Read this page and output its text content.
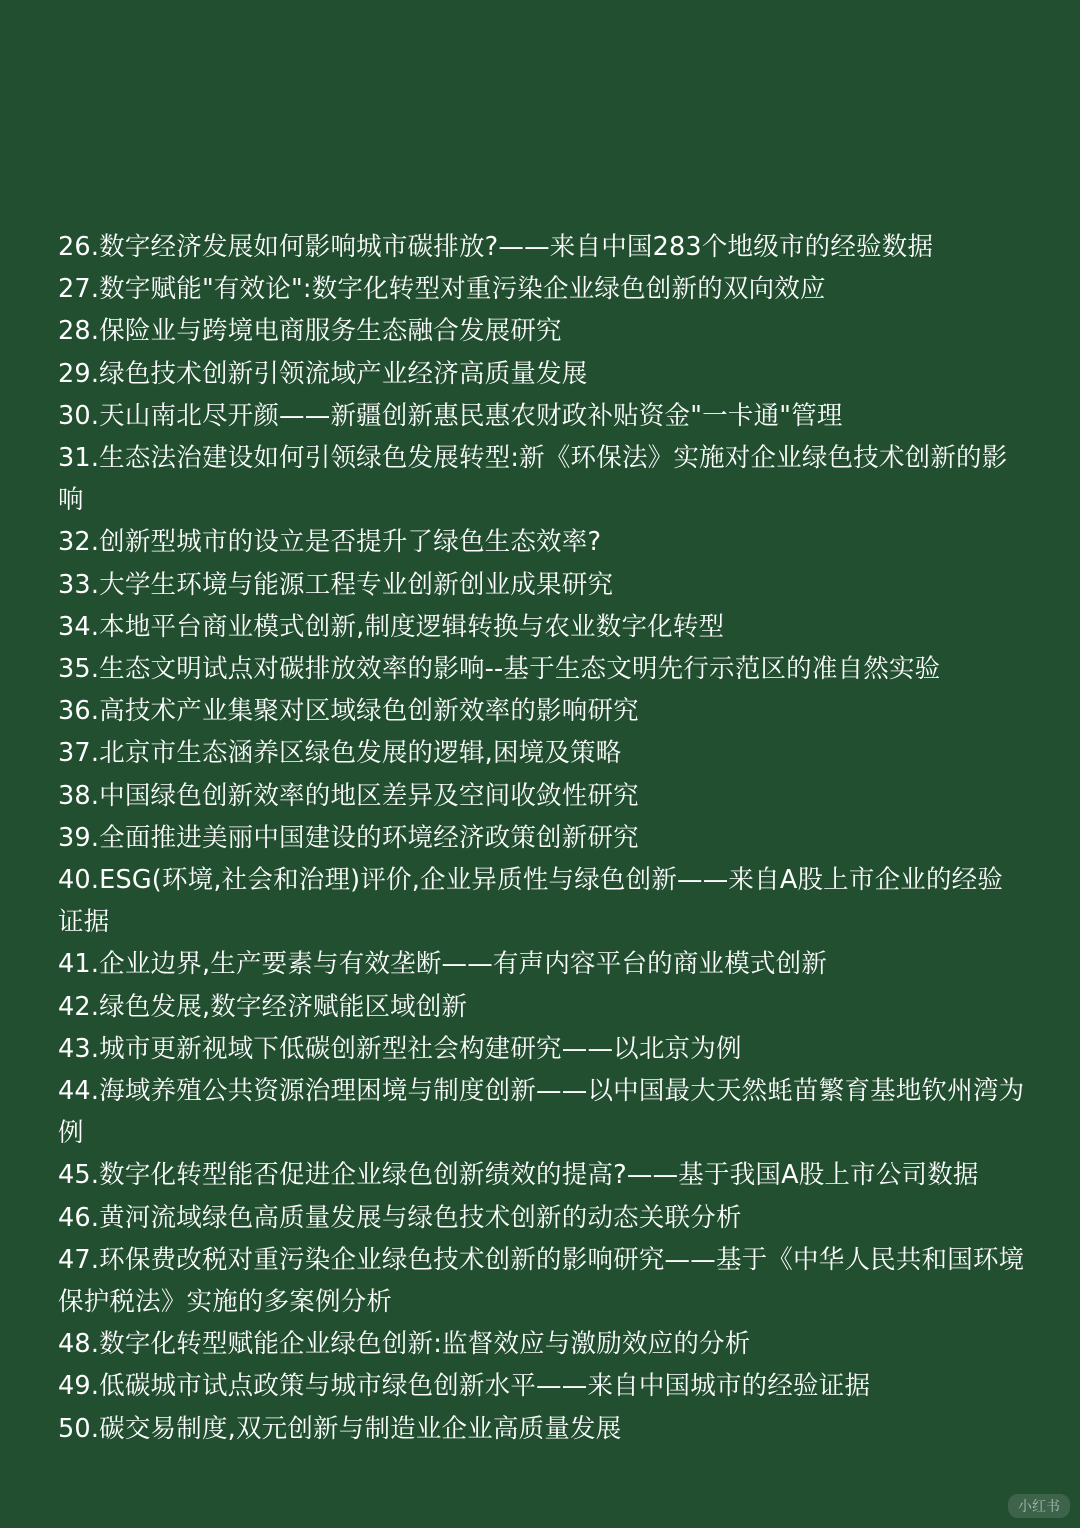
26.数字经济发展如何影响城市碳排放?——来自中国283个地级市的经验数据
27.数字赋能"有效论":数字化转型对重污染企业绿色创新的双向效应
28.保险业与跨境电商服务生态融合发展研究
29.绿色技术创新引领流域产业经济高质量发展
30.天山南北尽开颜——新疆创新惠民惠农财政补贴资金"一卡通"管理
31.生态法治建设如何引领绿色发展转型:新《环保法》实施对企业绿色技术创新的影响
32.创新型城市的设立是否提升了绿色生态效率?
33.大学生环境与能源工程专业创新创业成果研究
34.本地平台商业模式创新,制度逻辑转换与农业数字化转型
35.生态文明试点对碳排放效率的影响--基于生态文明先行示范区的准自然实验
36.高技术产业集聚对区域绿色创新效率的影响研究
37.北京市生态涵养区绿色发展的逻辑,困境及策略
38.中国绿色创新效率的地区差异及空间收敛性研究
39.全面推进美丽中国建设的环境经济政策创新研究
40.ESG(环境,社会和治理)评价,企业异质性与绿色创新——来自A股上市企业的经验证据
41.企业边界,生产要素与有效垄断——有声内容平台的商业模式创新
42.绿色发展,数字经济赋能区域创新
43.城市更新视域下低碳创新型社会构建研究——以北京为例
44.海域养殖公共资源治理困境与制度创新——以中国最大天然蚝苗繁育基地钦州湾为例
45.数字化转型能否促进企业绿色创新绩效的提高?——基于我国A股上市公司数据
46.黄河流域绿色高质量发展与绿色技术创新的动态关联分析
47.环保费改税对重污染企业绿色技术创新的影响研究——基于《中华人民共和国环境保护税法》实施的多案例分析
48.数字化转型赋能企业绿色创新:监督效应与激励效应的分析
49.低碳城市试点政策与城市绿色创新水平——来自中国城市的经验证据
50.碳交易制度,双元创新与制造业企业高质量发展
小红书
